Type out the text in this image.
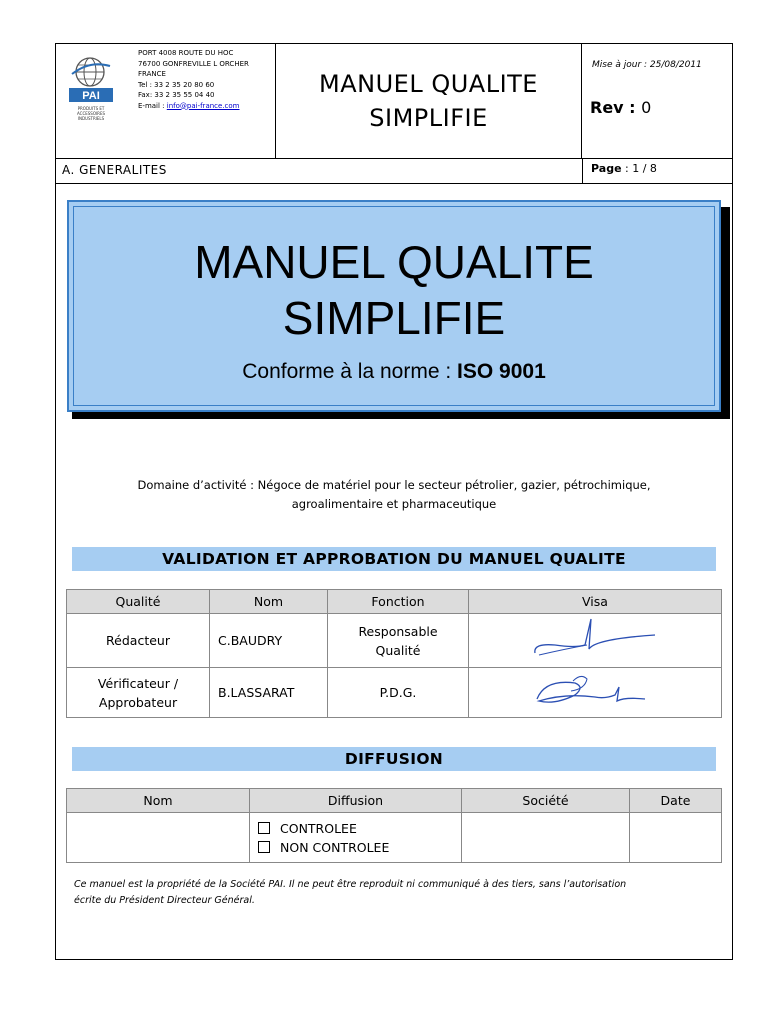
PAI
PRODUITS ET
ACCESSOIRES
INDUSTRIELS
PORT 4008 ROUTE DU HOC
76700 GONFREVILLE L ORCHER
FRANCE
Tel : 33 2 35 20 80 60
Fax: 33 2 35 55 04 40
E-mail : info@pai-france.com
MANUEL QUALITE
SIMPLIFIE
Mise à jour : 25/08/2011
Rev : 0
A. GENERALITES	Page : 1 / 8
MANUEL QUALITE
SIMPLIFIE
Conforme à la norme : ISO 9001
Domaine d’activité : Négoce de matériel pour le secteur pétrolier, gazier, pétrochimique,
agroalimentaire et pharmaceutique
VALIDATION ET APPROBATION DU MANUEL QUALITE
Qualité	Nom	Fonction	Visa
Rédacteur	C.BAUDRY	Responsable
Qualité

Vérificateur /
Approbateur	B.LASSARAT	P.D.G.	
DIFFUSION
Nom	Diffusion	Société	Date

	CONTROLEE
NON CONTROLEE		

Ce manuel est la propriété de la Société PAI. Il ne peut être reproduit ni communiqué à des tiers, sans l’autorisation
écrite du Président Directeur Général.
